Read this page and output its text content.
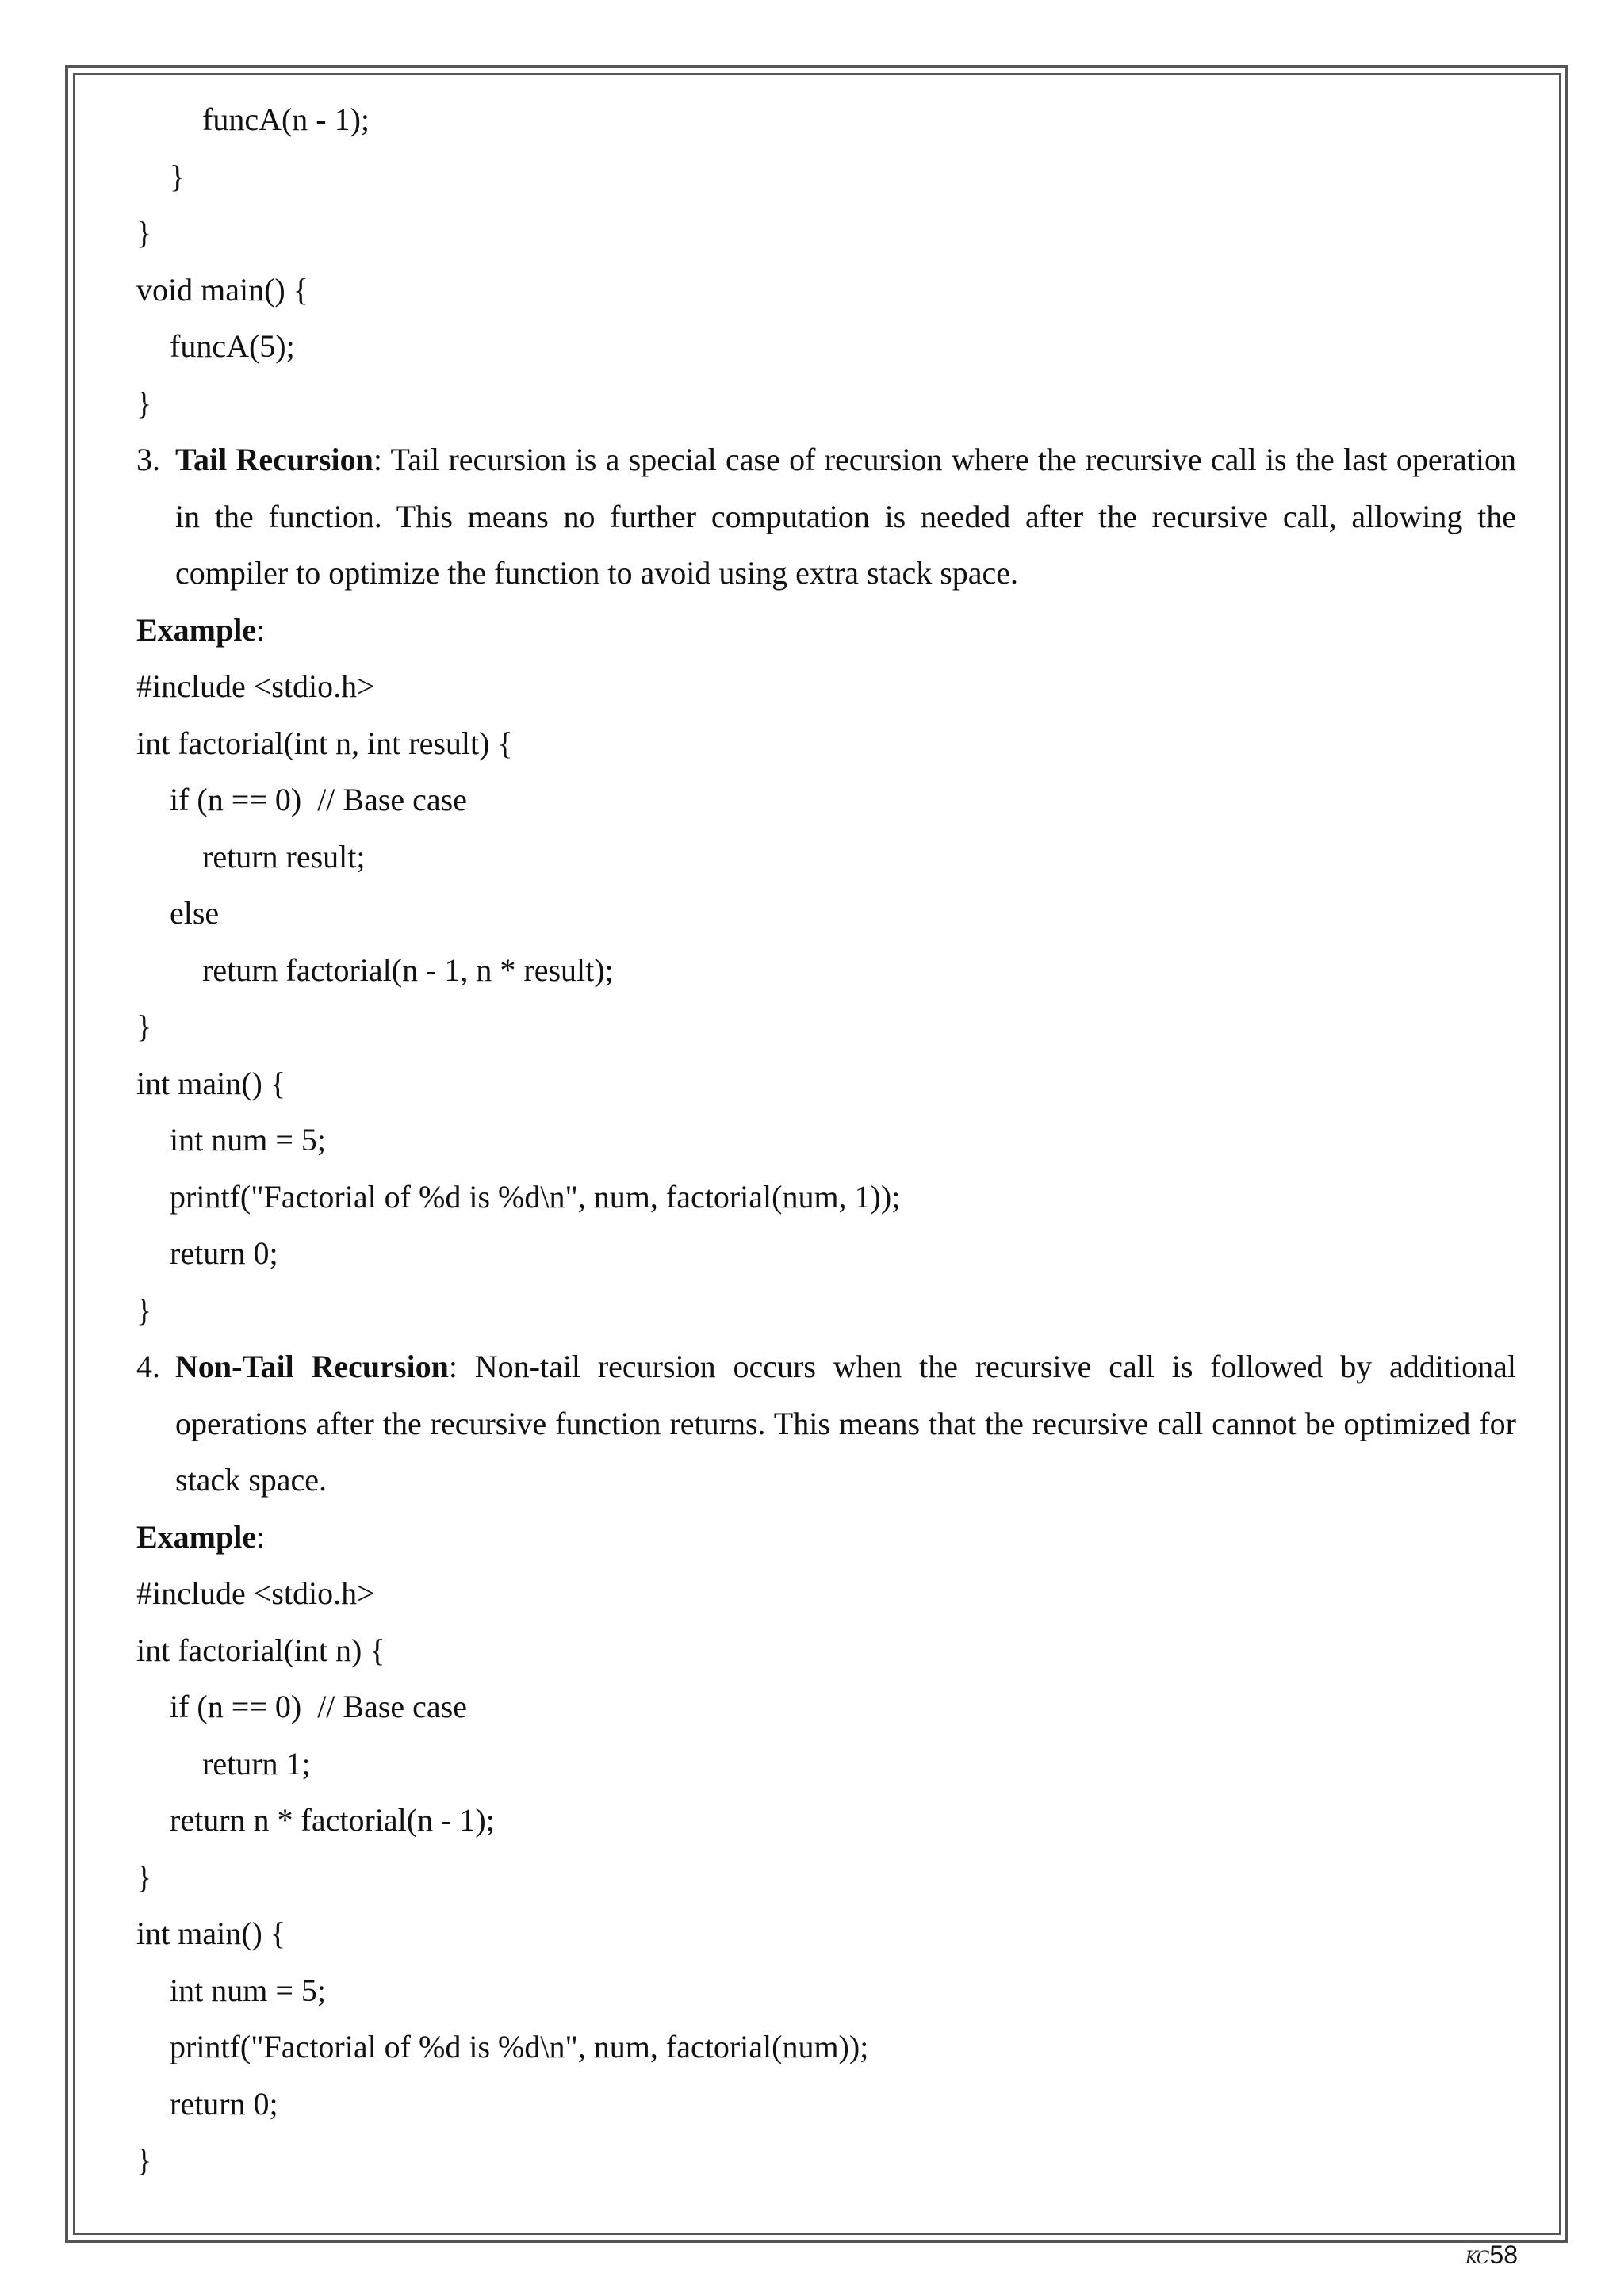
funcA(n - 1);
}
}
void main() {
funcA(5);
}
3. Tail Recursion: Tail recursion is a special case of recursion where the recursive call is the last operation in the function. This means no further computation is needed after the recursive call, allowing the compiler to optimize the function to avoid using extra stack space.
Example:
#include <stdio.h>
int factorial(int n, int result) {
if (n == 0)  // Base case
return result;
else
return factorial(n - 1, n * result);
}
int main() {
int num = 5;
printf("Factorial of %d is %d\n", num, factorial(num, 1));
return 0;
}
4. Non-Tail Recursion: Non-tail recursion occurs when the recursive call is followed by additional operations after the recursive function returns. This means that the recursive call cannot be optimized for stack space.
Example:
#include <stdio.h>
int factorial(int n) {
if (n == 0)  // Base case
return 1;
return n * factorial(n - 1);
}
int main() {
int num = 5;
printf("Factorial of %d is %d\n", num, factorial(num));
return 0;
}
KC 58
